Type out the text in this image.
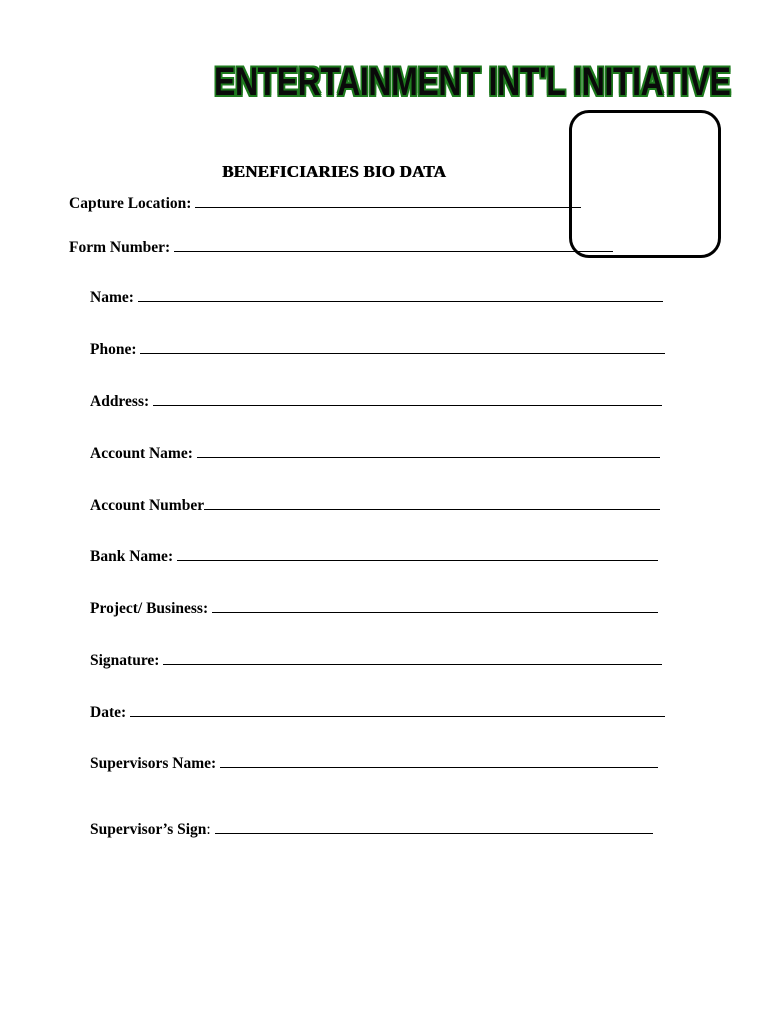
ENTERTAINMENT INT'L INITIATIVE
BENEFICIARIES BIO DATA
Capture Location:
Form Number:
Name:
Phone:
Address:
Account Name:
Account Number
Bank Name:
Project/ Business:
Signature:
Date:
Supervisors Name:
Supervisor’s Sign:
